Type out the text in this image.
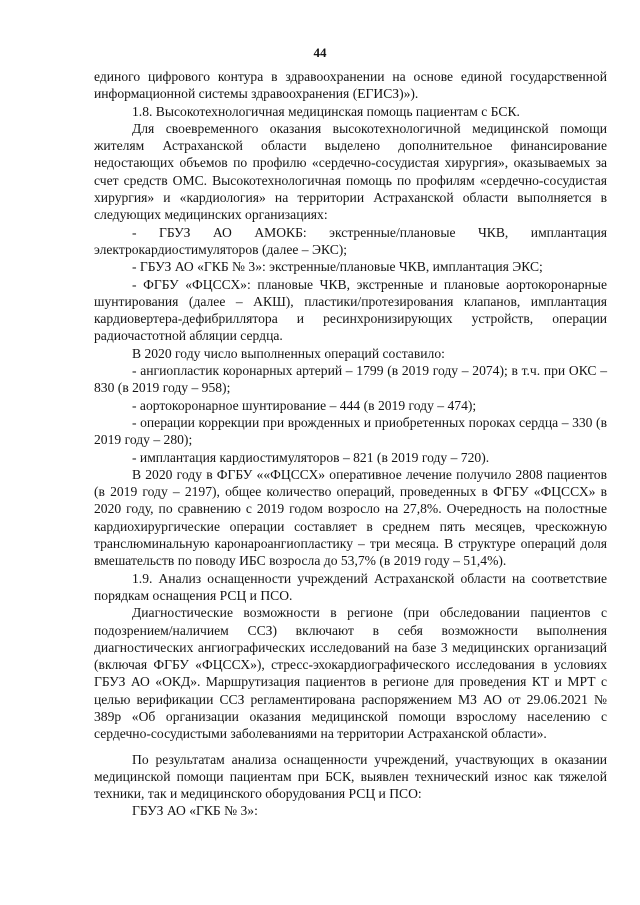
44

единого цифрового контура в здравоохранении на основе единой государственной информационной системы здравоохранения (ЕГИСЗ)»).

1.8. Высокотехнологичная медицинская помощь пациентам с БСК.

Для своевременного оказания высокотехнологичной медицинской помощи жителям Астраханской области выделено дополнительное финансирование недостающих объемов по профилю «сердечно-сосудистая хирургия», оказываемых за счет средств ОМС. Высокотехнологичная помощь по профилям «сердечно-сосудистая хирургия» и «кардиология» на территории Астраханской области выполняется в следующих медицинских организациях:

- ГБУЗ АО АМОКБ: экстренные/плановые ЧКВ, имплантация электрокардиостимуляторов (далее – ЭКС);

- ГБУЗ АО «ГКБ № 3»: экстренные/плановые ЧКВ, имплантация ЭКС;

- ФГБУ «ФЦССХ»: плановые ЧКВ, экстренные и плановые аортокоронарные шунтирования (далее – АКШ), пластики/протезирования клапанов, имплантация кардиовертера-дефибриллятора и ресинхронизирующих устройств, операции радиочастотной абляции сердца.

В 2020 году число выполненных операций составило:

- ангиопластик коронарных артерий – 1799 (в 2019 году – 2074); в т.ч. при ОКС – 830 (в 2019 году – 958);

- аортокоронарное шунтирование – 444 (в 2019 году – 474);

- операции коррекции при врожденных и приобретенных пороках сердца – 330 (в 2019 году – 280);

- имплантация кардиостимуляторов – 821 (в 2019 году – 720).

В 2020 году в ФГБУ ««ФЦССХ» оперативное лечение получило 2808 пациентов (в 2019 году – 2197), общее количество операций, проведенных в ФГБУ «ФЦССХ» в 2020 году, по сравнению с 2019 годом возросло на 27,8%. Очередность на полостные кардиохирургические операции составляет в среднем пять месяцев, чрескожную транслюминальную каронароангиопластику – три месяца. В структуре операций доля вмешательств по поводу ИБС возросла до 53,7% (в 2019 году – 51,4%).

1.9. Анализ оснащенности учреждений Астраханской области на соответствие порядкам оснащения РСЦ и ПСО.

Диагностические возможности в регионе (при обследовании пациентов с подозрением/наличием ССЗ) включают в себя возможности выполнения диагностических ангиографических исследований на базе 3 медицинских организаций (включая ФГБУ «ФЦССХ»), стресс-эхокардиографического исследования в условиях ГБУЗ АО «ОКД». Маршрутизация пациентов в регионе для проведения КТ и МРТ с целью верификации ССЗ регламентирована распоряжением МЗ АО от 29.06.2021 № 389р «Об организации оказания медицинской помощи взрослому населению с сердечно-сосудистыми заболеваниями на территории Астраханской области».

По результатам анализа оснащенности учреждений, участвующих в оказании медицинской помощи пациентам при БСК, выявлен технический износ как тяжелой техники, так и медицинского оборудования РСЦ и ПСО:

ГБУЗ АО «ГКБ № 3»:
